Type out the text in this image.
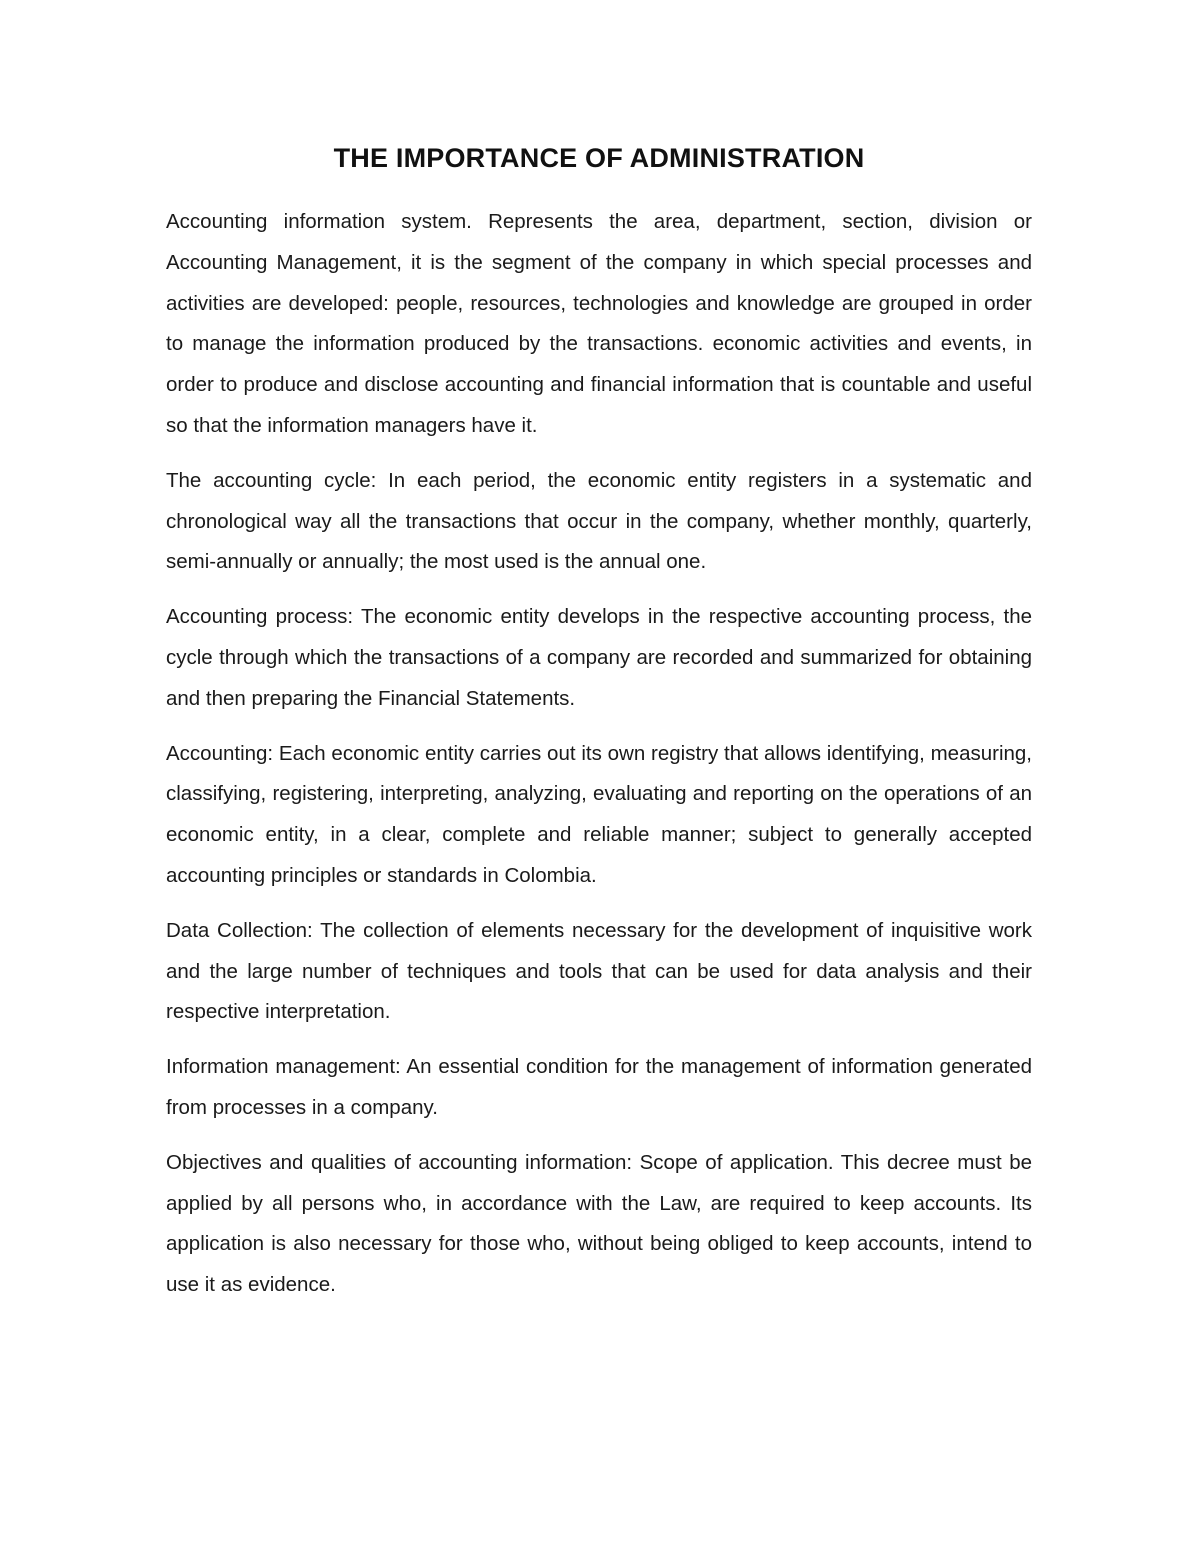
THE IMPORTANCE OF ADMINISTRATION

Accounting information system. Represents the area, department, section, division or Accounting Management, it is the segment of the company in which special processes and activities are developed: people, resources, technologies and knowledge are grouped in order to manage the information produced by the transactions. economic activities and events, in order to produce and disclose accounting and financial information that is countable and useful so that the information managers have it.

The accounting cycle: In each period, the economic entity registers in a systematic and chronological way all the transactions that occur in the company, whether monthly, quarterly, semi-annually or annually; the most used is the annual one.

Accounting process: The economic entity develops in the respective accounting process, the cycle through which the transactions of a company are recorded and summarized for obtaining and then preparing the Financial Statements.

Accounting: Each economic entity carries out its own registry that allows identifying, measuring, classifying, registering, interpreting, analyzing, evaluating and reporting on the operations of an economic entity, in a clear, complete and reliable manner; subject to generally accepted accounting principles or standards in Colombia.

Data Collection: The collection of elements necessary for the development of inquisitive work and the large number of techniques and tools that can be used for data analysis and their respective interpretation.

Information management: An essential condition for the management of information generated from processes in a company.

Objectives and qualities of accounting information: Scope of application. This decree must be applied by all persons who, in accordance with the Law, are required to keep accounts. Its application is also necessary for those who, without being obliged to keep accounts, intend to use it as evidence.
